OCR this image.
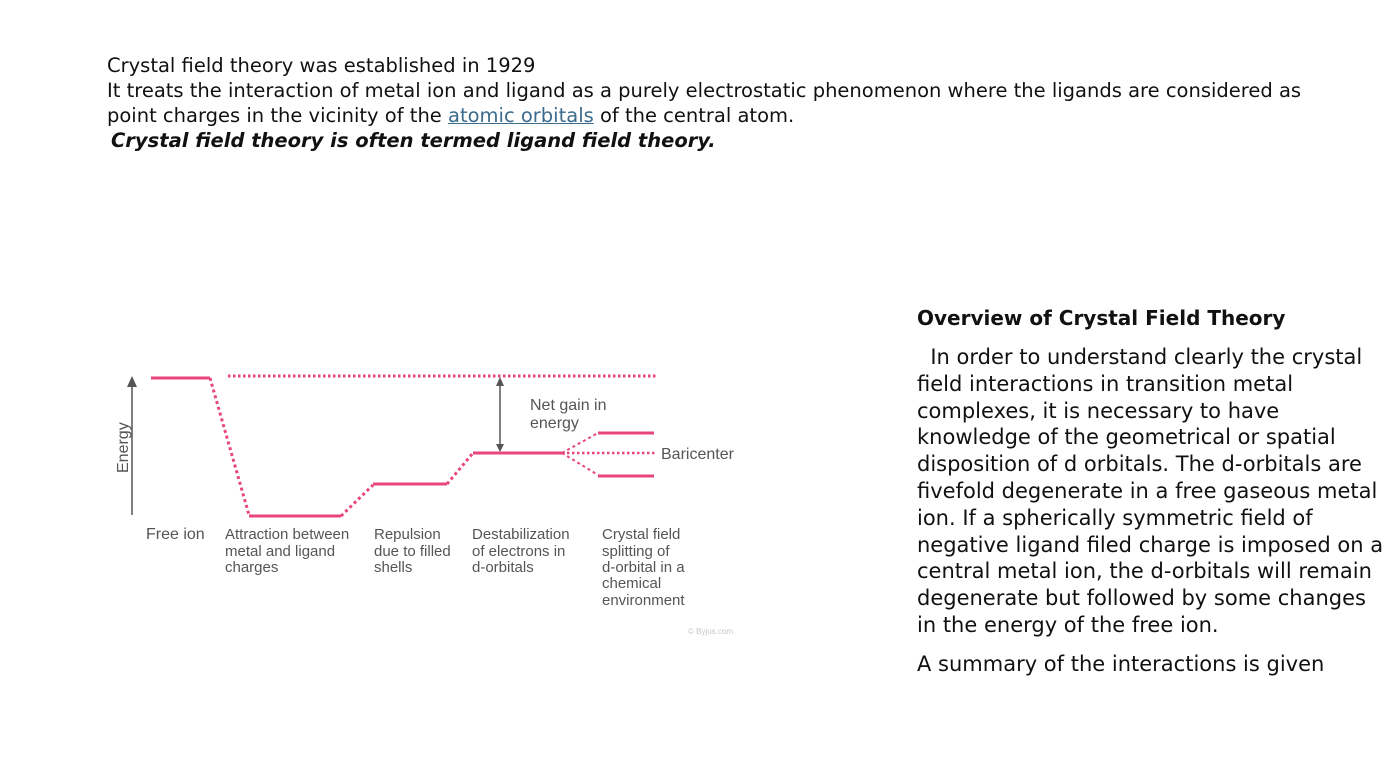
Crystal field theory was established in 1929

It treats the interaction of metal ion and ligand as a purely electrostatic phenomenon where the ligands are considered as point charges in the vicinity of the atomic orbitals of the central atom.

Crystal field theory is often termed ligand field theory.

Energy
Net gain in
energy
Baricenter
Free ion Attraction between
metal and ligand
charges
Repulsion
due to filled
shells
Destabilization
of electrons in
d-orbitals
Crystal field
splitting of
d-orbital in a
chemical
environment
© Byjus.com
Overview of Crystal Field Theory

In order to understand clearly the crystal field interactions in transition metal complexes, it is necessary to have knowledge of the geometrical or spatial disposition of d orbitals. The d-orbitals are fivefold degenerate in a free gaseous metal ion. If a spherically symmetric field of negative ligand filed charge is imposed on a central metal ion, the d-orbitals will remain degenerate but followed by some changes in the energy of the free ion.

A summary of the interactions is given
